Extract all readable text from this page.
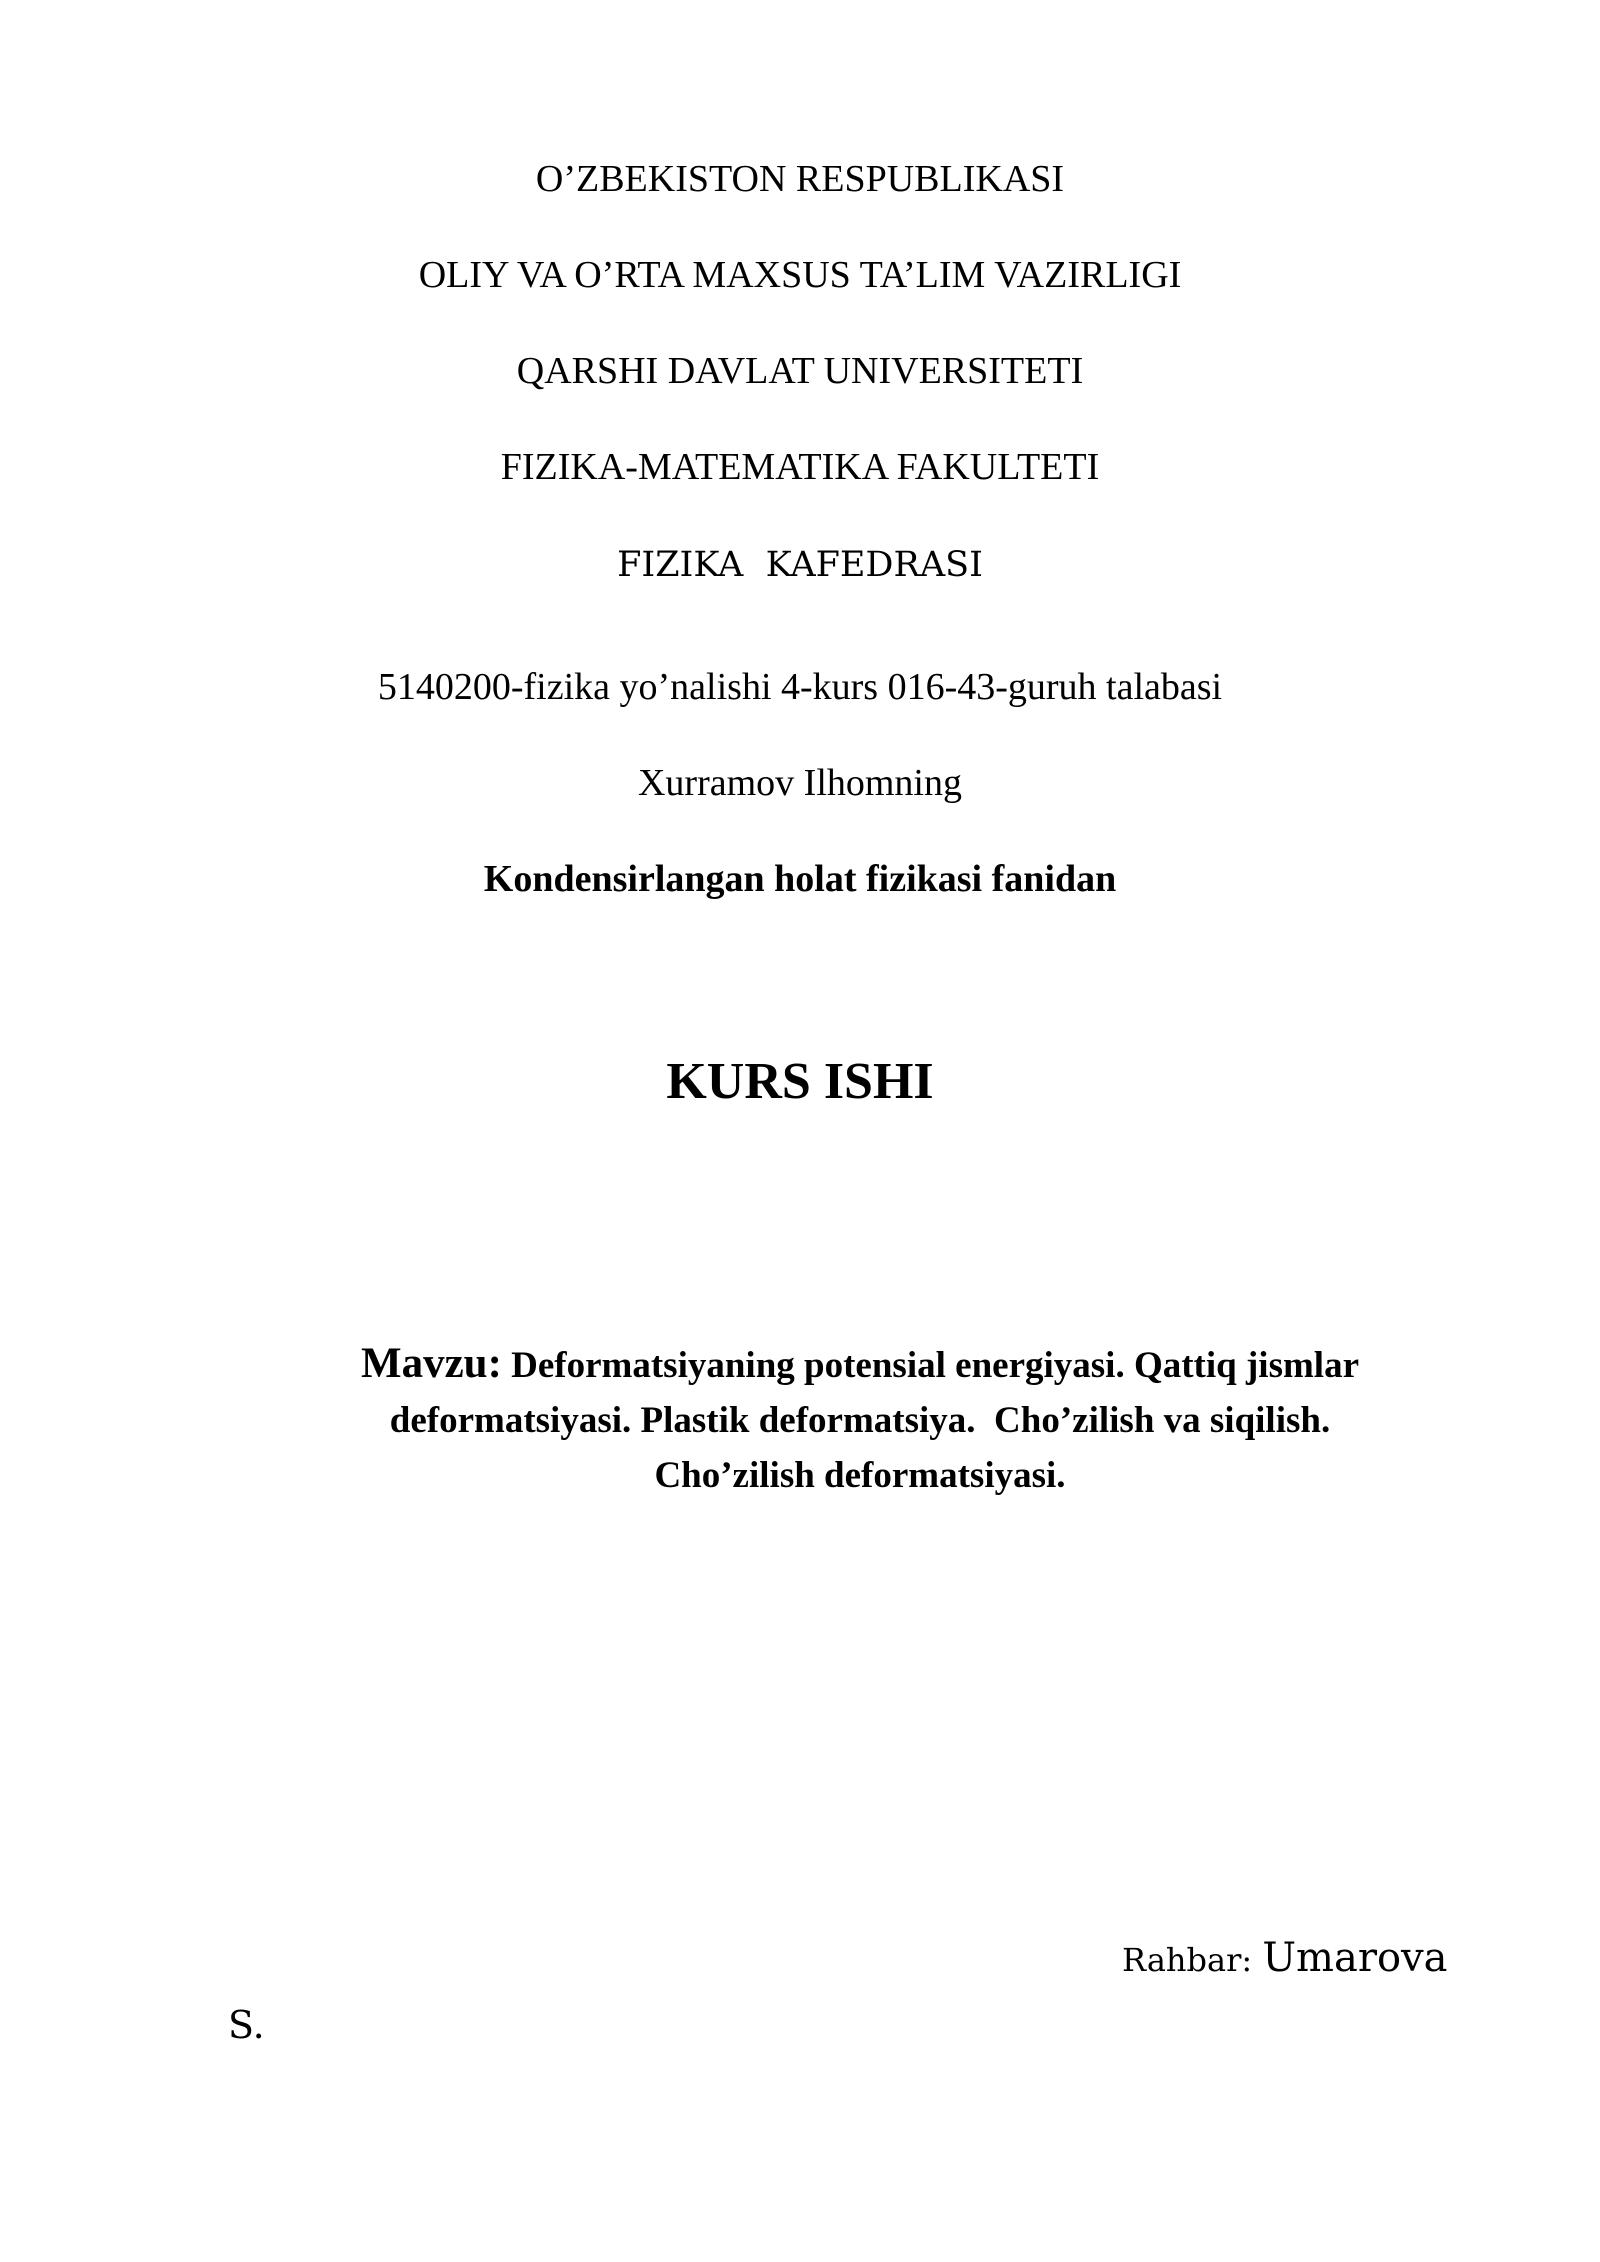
O’ZBEKISTON RESPUBLIKASI
OLIY VA O’RTA MAXSUS TA’LIM VAZIRLIGI
QARSHI DAVLAT UNIVERSITETI
FIZIKA-MATEMATIKA FAKULTETI
FIZIKA  KAFEDRASI
5140200-fizika yo’nalishi 4-kurs 016-43-guruh talabasi
Xurramov Ilhomning
Kondensirlangan holat fizikasi fanidan
KURS ISHI
Mavzu: Deformatsiyaning potensial energiyasi. Qattiq jismlar
deformatsiyasi. Plastik deformatsiya.  Cho’zilish va siqilish.
Cho’zilish deformatsiyasi.
Rahbar: Umarova
S.
